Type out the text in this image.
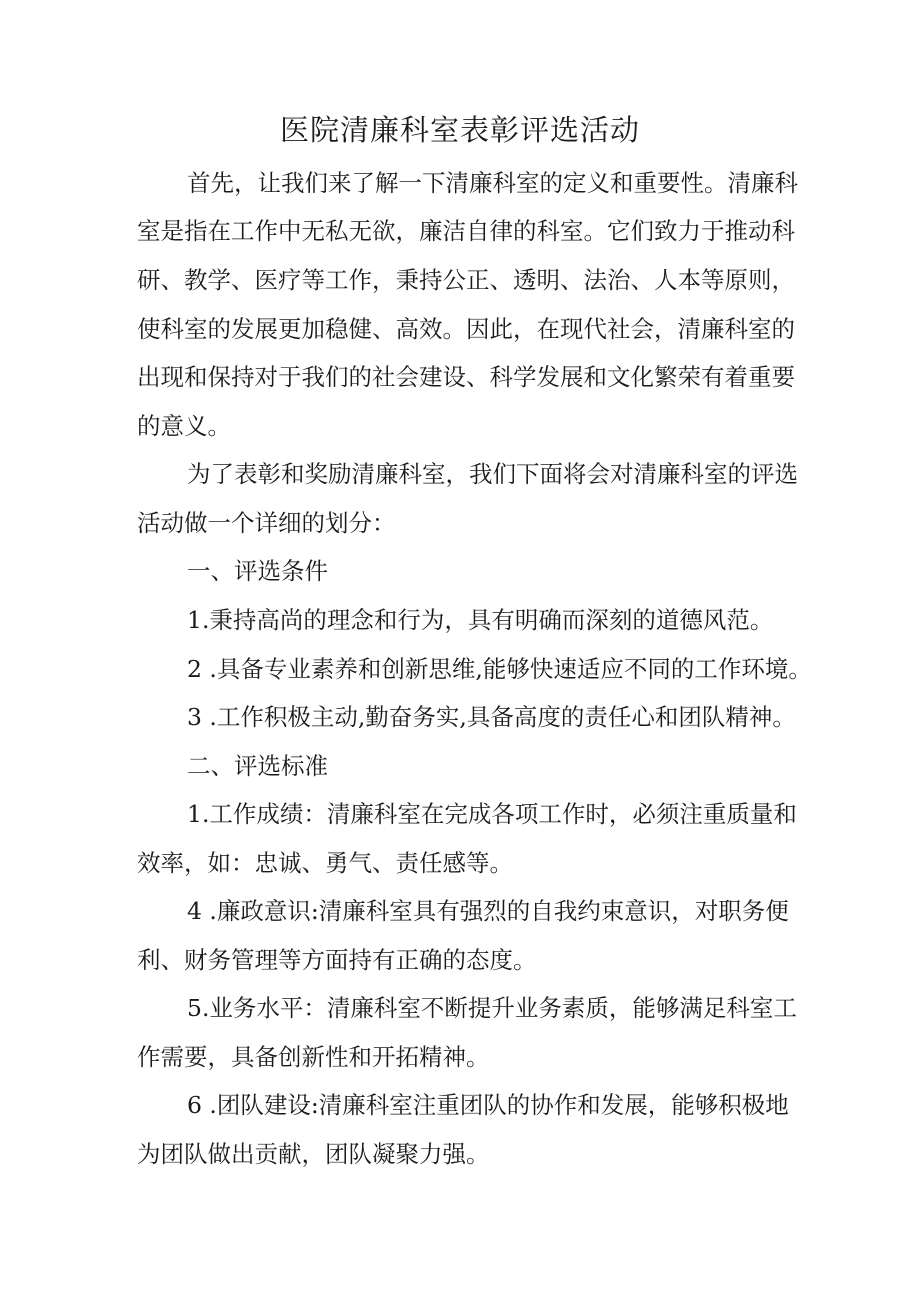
医院清廉科室表彰评选活动

首先，让我们来了解一下清廉科室的定义和重要性。清廉科

室是指在工作中无私无欲，廉洁自律的科室。它们致力于推动科

研、教学、医疗等工作，秉持公正、透明、法治、人本等原则，

使科室的发展更加稳健、高效。因此，在现代社会，清廉科室的

出现和保持对于我们的社会建设、科学发展和文化繁荣有着重要

的意义。

为了表彰和奖励清廉科室，我们下面将会对清廉科室的评选

活动做一个详细的划分：

一、评选条件

1.秉持高尚的理念和行为，具有明确而深刻的道德风范。

2 .具备专业素养和创新思维,能够快速适应不同的工作环境。

3 .工作积极主动,勤奋务实,具备高度的责任心和团队精神。

二、评选标准

1.工作成绩：清廉科室在完成各项工作时，必须注重质量和

效率，如：忠诚、勇气、责任感等。

4 .廉政意识:清廉科室具有强烈的自我约束意识，对职务便

利、财务管理等方面持有正确的态度。

5.业务水平：清廉科室不断提升业务素质，能够满足科室工

作需要，具备创新性和开拓精神。

6 .团队建设:清廉科室注重团队的协作和发展，能够积极地

为团队做出贡献，团队凝聚力强。
